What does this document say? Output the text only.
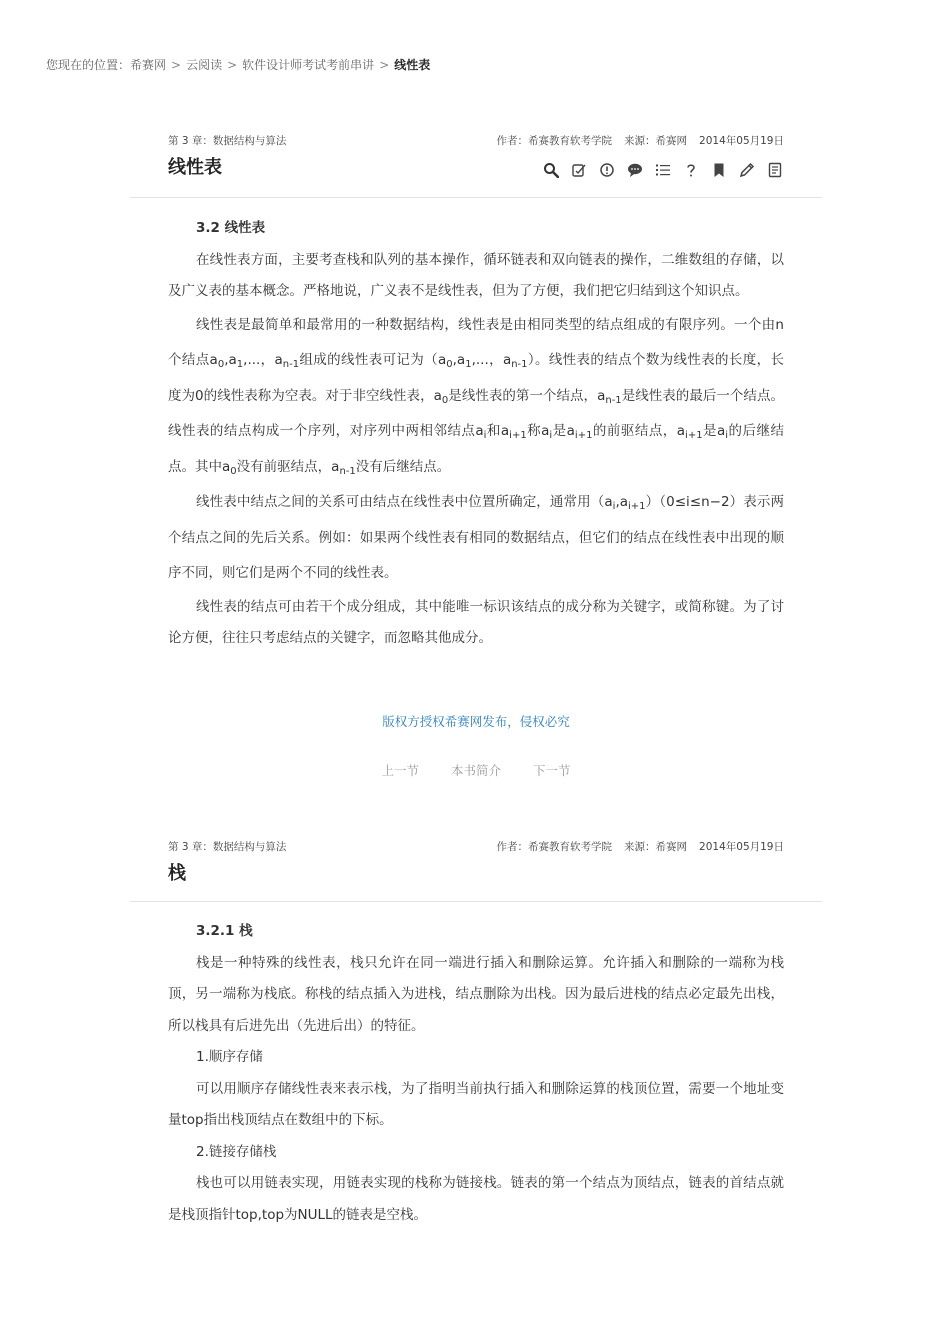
您现在的位置：希赛网 > 云阅读 > 软件设计师考试考前串讲 > 线性表
第 3 章：数据结构与算法	作者：希赛教育软考学院 来源：希赛网 2014年05月19日
线性表
3.2 线性表

在线性表方面，主要考查栈和队列的基本操作，循环链表和双向链表的操作，二维数组的存储，以及广义表的基本概念。严格地说，广义表不是线性表，但为了方便，我们把它归结到这个知识点。

线性表是最简单和最常用的一种数据结构，线性表是由相同类型的结点组成的有限序列。一个由n个结点$a_0,a_1$,...，$a_{n-1}$组成的线性表可记为（$a_0,a_1$,...，$a_{n-1}$）。线性表的结点个数为线性表的长度，长度为0的线性表称为空表。对于非空线性表，$a_0$是线性表的第一个结点，$a_{n-1}$是线性表的最后一个结点。线性表的结点构成一个序列，对序列中两相邻结点$a_i$和$a_{i+1}$称$a_i$是$a_{i+1}$的前驱结点，$a_{i+1}$是$a_i$的后继结点。其中$a_0$没有前驱结点，$a_{n-1}$没有后继结点。

线性表中结点之间的关系可由结点在线性表中位置所确定，通常用$(a_i,a_{i+1})(0\le i\le n-2)$表示两个结点之间的先后关系。例如：如果两个线性表有相同的数据结点，但它们的结点在线性表中出现的顺序不同，则它们是两个不同的线性表。

线性表的结点可由若干个成分组成，其中能唯一标识该结点的成分称为关键字，或简称键。为了讨论方便，往往只考虑结点的关键字，而忽略其他成分。

版权方授权希赛网发布，侵权必究
上一节	本书简介	下一节
第 3 章：数据结构与算法	作者：希赛教育软考学院 来源：希赛网 2014年05月19日
栈
3.2.1 栈

栈是一种特殊的线性表，栈只允许在同一端进行插入和删除运算。允许插入和删除的一端称为栈顶，另一端称为栈底。称栈的结点插入为进栈，结点删除为出栈。因为最后进栈的结点必定最先出栈，所以栈具有后进先出（先进后出）的特征。

1.顺序存储

可以用顺序存储线性表来表示栈，为了指明当前执行插入和删除运算的栈顶位置，需要一个地址变量top指出栈顶结点在数组中的下标。

2.链接存储栈

栈也可以用链表实现，用链表实现的栈称为链接栈。链表的第一个结点为顶结点，链表的首结点就是栈顶指针top,top为NULL的链表是空栈。
